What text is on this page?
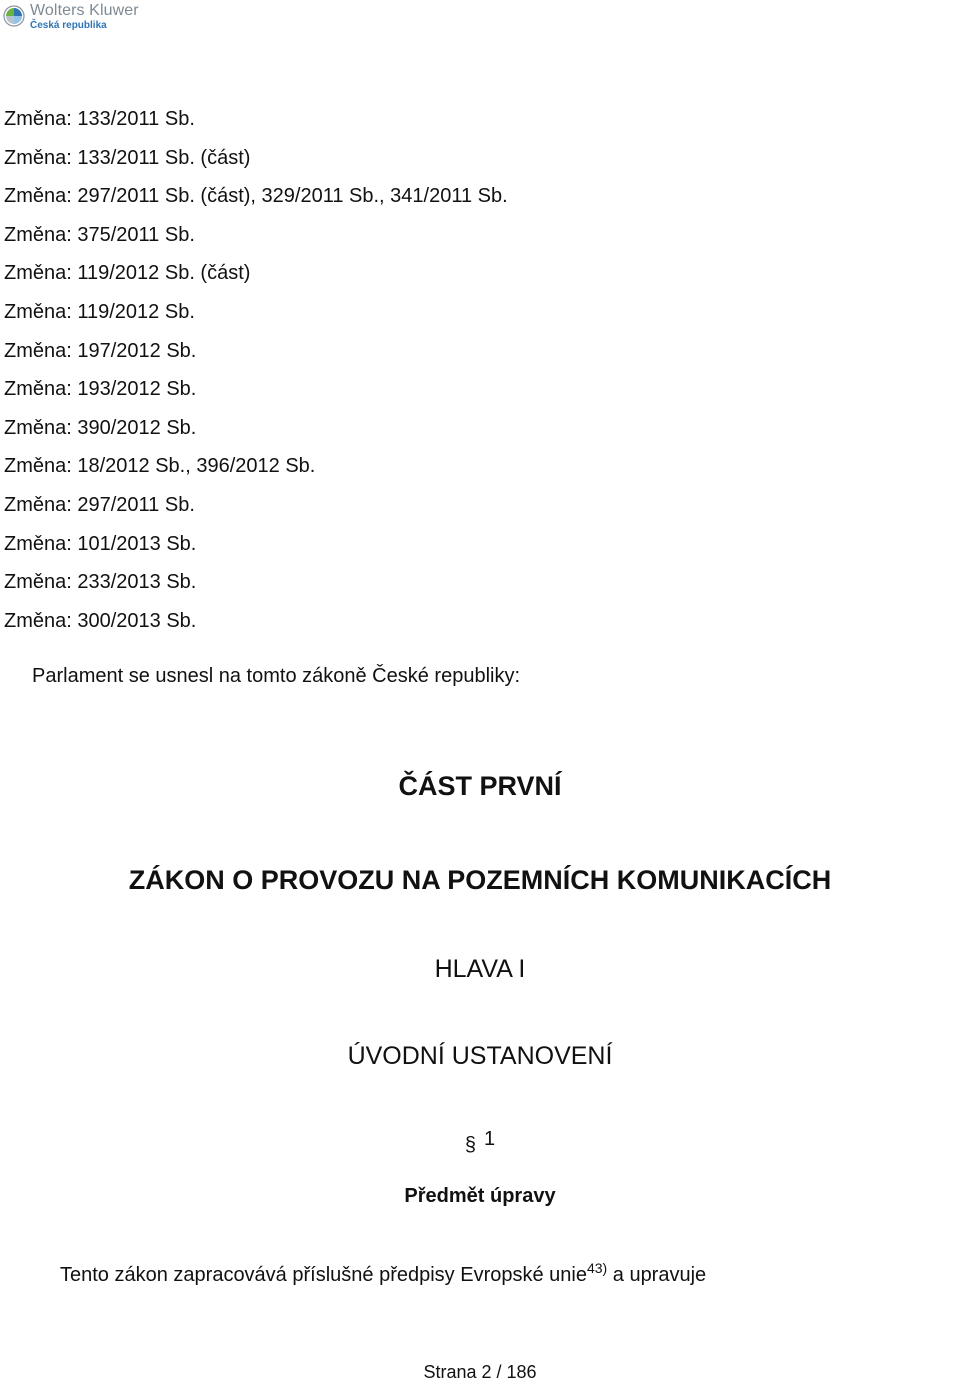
Wolters Kluwer
Česká republika
Změna: 133/2011 Sb.
Změna: 133/2011 Sb. (část)
Změna: 297/2011 Sb. (část), 329/2011 Sb., 341/2011 Sb.
Změna: 375/2011 Sb.
Změna: 119/2012 Sb. (část)
Změna: 119/2012 Sb.
Změna: 197/2012 Sb.
Změna: 193/2012 Sb.
Změna: 390/2012 Sb.
Změna: 18/2012 Sb., 396/2012 Sb.
Změna: 297/2011 Sb.
Změna: 101/2013 Sb.
Změna: 233/2013 Sb.
Změna: 300/2013 Sb.
Parlament se usnesl na tomto zákoně České republiky:
ČÁST PRVNÍ
ZÁKON O PROVOZU NA POZEMNÍCH KOMUNIKACÍCH
HLAVA I
ÚVODNÍ USTANOVENÍ
§ 1
Předmět úpravy
Tento zákon zapracovává příslušné předpisy Evropské unie$^{43)}$ a upravuje
Strana 2 / 186
